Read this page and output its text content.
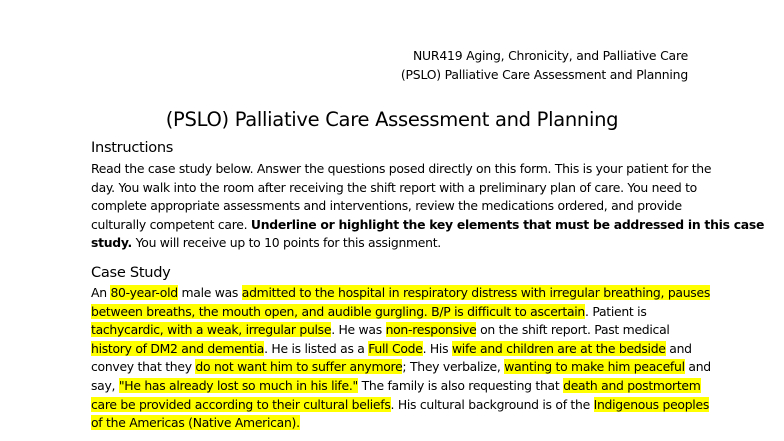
NUR419 Aging, Chronicity, and Palliative Care
(PSLO) Palliative Care Assessment and Planning
(PSLO) Palliative Care Assessment and Planning
Instructions
Read the case study below. Answer the questions posed directly on this form. This is your patient for the
day. You walk into the room after receiving the shift report with a preliminary plan of care. You need to
complete appropriate assessments and interventions, review the medications ordered, and provide
culturally competent care. Underline or highlight the key elements that must be addressed in this case
study. You will receive up to 10 points for this assignment.
Case Study
An 80-year-old male was admitted to the hospital in respiratory distress with irregular breathing, pauses
between breaths, the mouth open, and audible gurgling. B/P is difficult to ascertain. Patient is
tachycardic, with a weak, irregular pulse. He was non-responsive on the shift report. Past medical
history of DM2 and dementia. He is listed as a Full Code. His wife and children are at the bedside and
convey that they do not want him to suffer anymore; They verbalize, wanting to make him peaceful and
say, "He has already lost so much in his life." The family is also requesting that death and postmortem
care be provided according to their cultural beliefs. His cultural background is of the Indigenous peoples
of the Americas (Native American).
